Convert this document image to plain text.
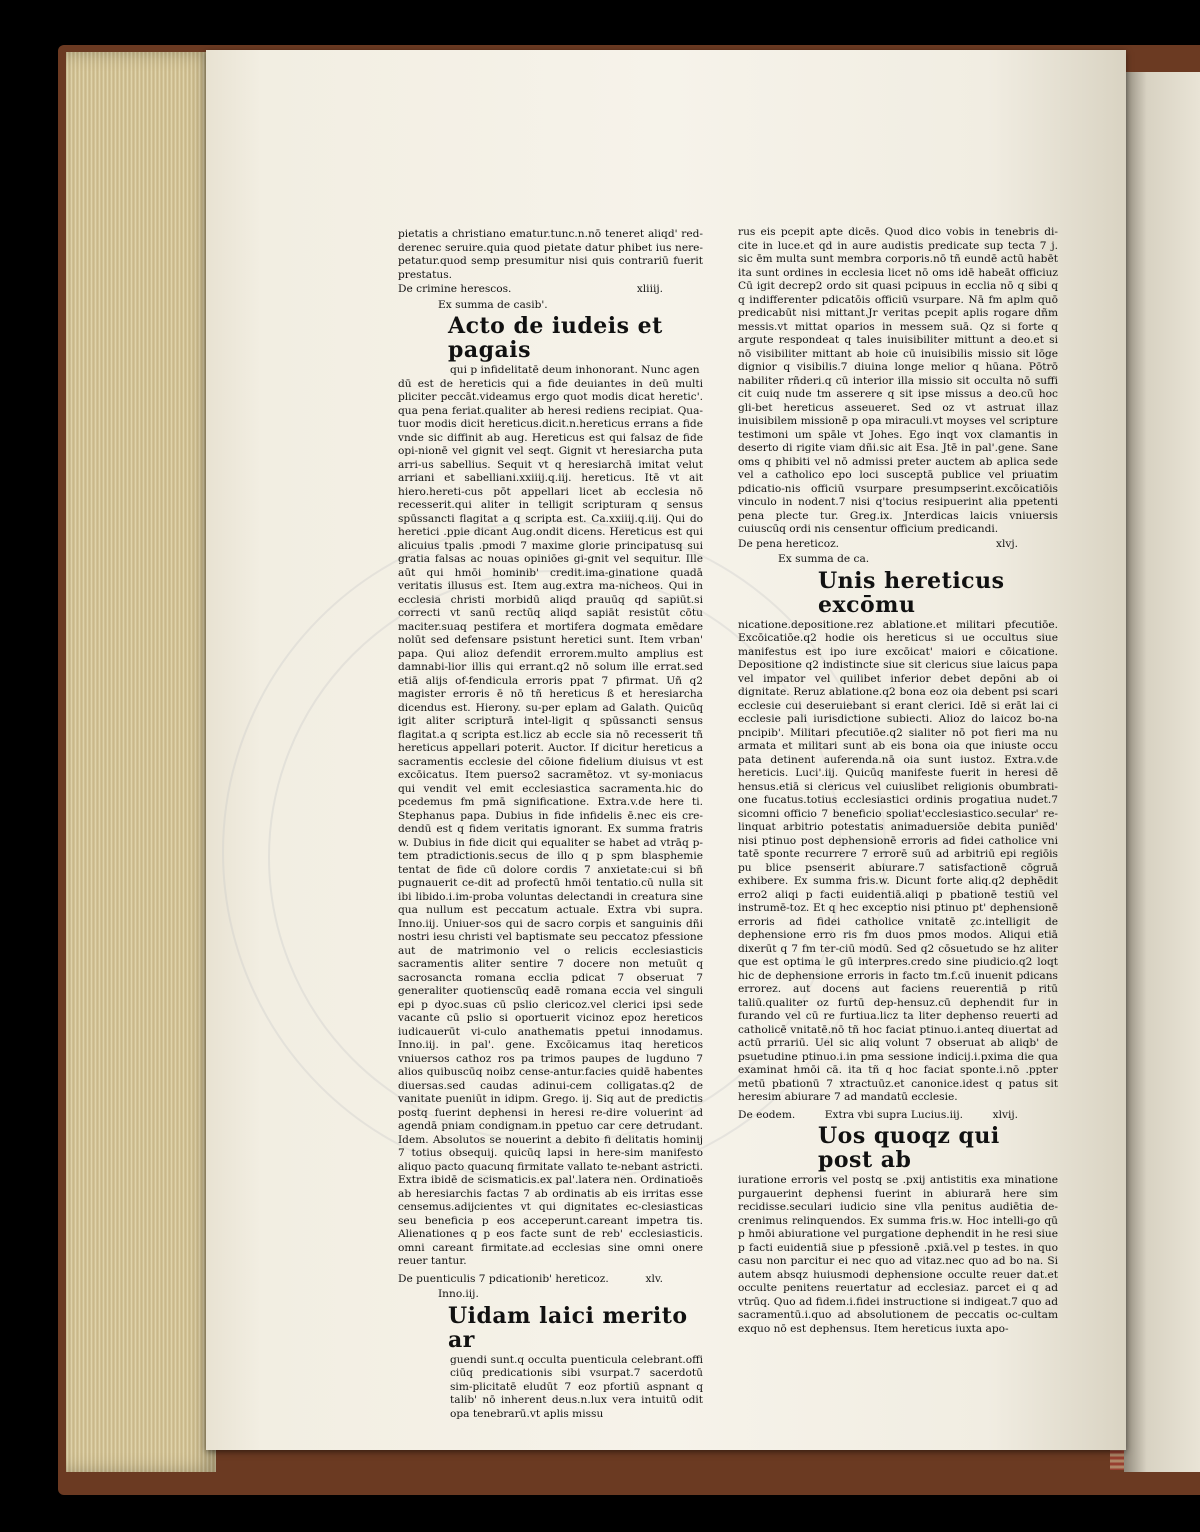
pietatis a christiano ematur.tunc.n.nō teneret aliqd' red-derenec seruire.quia quod pietate datur phibet ius nere-petatur.quod semp presumitur nisi quis contrariū fuerit prestatus.

De crimine herescos.	xliiij.
Ex summa de casib'.
Acto de iudeis et pagais
qui p infidelitatē deum inhonorant. Nunc agen

dū est de hereticis qui a fide deuiantes in deū multi pliciter peccāt.videamus ergo quot modis dicat heretic'. qua pena feriat.qualiter ab heresi rediens recipiat. Qua-tuor modis dicit hereticus.dicit.n.hereticus errans a fide vnde sic diffinit ab aug. Hereticus est qui falsaz de fide opi-nionē vel gignit vel seqt. Gignit vt heresiarcha puta arri-us sabellius. Sequit vt q heresiarchā imitat velut arriani et sabelliani.xxiiij.q.iij. hereticus. Itē vt ait hiero.hereti-cus pōt appellari licet ab ecclesia nō recesserit.qui aliter in telligit scripturam q sensus spūssancti flagitat a q scripta est. Ca.xxiiij.q.iij. Qui do heretici .ppie dicant Aug.ondit dicens. Hereticus est qui alicuius tpalis .pmodi 7 maxime glorie principatusq sui gratia falsas ac nouas opiniōes gi-gnit vel sequitur. Ille aūt qui hmōi hominib' credit.ima-ginatione quadā veritatis illusus est. Item aug.extra ma-nicheos. Qui in ecclesia christi morbidū aliqd prauūq qd sapiūt.si correcti vt sanū rectūq aliqd sapiāt resistūt cōtu maciter.suaq pestifera et mortifera dogmata emēdare nolūt sed defensare psistunt heretici sunt. Item vrban' papa. Qui alioz defendit errorem.multo amplius est damnabi-lior illis qui errant.q2 nō solum ille errat.sed etiā alijs of-fendicula erroris ppat 7 pfirmat. Uñ q2 magister erroris ē nō tñ hereticus ß et heresiarcha dicendus est. Hierony. su-per eplam ad Galath. Quicūq igit aliter scripturā intel-ligit q spūssancti sensus flagitat.a q scripta est.licz ab eccle sia nō recesserit tñ hereticus appellari poterit. Auctor. If dicitur hereticus a sacramentis ecclesie del cōione fidelium diuisus vt est excōicatus. Item puerso2 sacramētoz. vt sy-moniacus qui vendit vel emit ecclesiastica sacramenta.hic do pcedemus fm pmā significatione. Extra.v.de here ti. Stephanus papa. Dubius in fide infidelis ē.nec eis cre-dendū est q fidem veritatis ignorant. Ex summa fratris w. Dubius in fide dicit qui equaliter se habet ad vtrāq p-tem ptradictionis.secus de illo q p spm blasphemie tentat de fide cū dolore cordis 7 anxietate:cui si bñ pugnauerit ce-dit ad profectū hmōi tentatio.cū nulla sit ibi libido.i.im-proba voluntas delectandi in creatura sine qua nullum est peccatum actuale. Extra vbi supra. Inno.iij. Uniuer-sos qui de sacro corpis et sanguinis dñi nostri iesu christi vel baptismate seu peccatoz pfessione aut de matrimonio vel o relicis ecclesiasticis sacramentis aliter sentire 7 docere non metuūt q sacrosancta romana ecclia pdicat 7 obseruat 7 generaliter quotienscūq eadē romana eccia vel singuli epi p dyoc.suas cū pslio clericoz.vel clerici ipsi sede vacante cū pslio si oportuerit vicinoz epoz hereticos iudicauerūt vi-culo anathematis ppetui innodamus. Inno.iij. in pal'. gene. Excōicamus itaq hereticos vniuersos cathoz ros pa trimos paupes de lugduno 7 alios quibuscūq noibz cense-antur.facies quidē habentes diuersas.sed caudas adinui-cem colligatas.q2 de vanitate pueniūt in idipm. Grego. ij. Siq aut de predictis postq fuerint dephensi in heresi re-dire voluerint ad agendā pniam condignam.in ppetuo car cere detrudant. Idem. Absolutos se nouerint a debito fi delitatis hominij 7 totius obsequij. quicūq lapsi in here-sim manifesto aliquo pacto quacunq firmitate vallato te-nebant astricti. Extra ibidē de scismaticis.ex pal'.latera nen. Ordinatioēs ab heresiarchis factas 7 ab ordinatis ab eis irritas esse censemus.adijcientes vt qui dignitates ec-clesiasticas seu beneficia p eos acceperunt.careant impetra tis. Alienationes q p eos facte sunt de reb' ecclesiasticis. omni careant firmitate.ad ecclesias sine omni onere reuer tantur.

De puenticulis 7 pdicationib' hereticoz.	xlv.
Inno.iij.
Uidam laici merito ar

guendi sunt.q occulta puenticula celebrant.offi ciūq predicationis sibi vsurpat.7 sacerdotū sim-plicitatē eludūt 7 eoz pfortiū aspnant q talib' nō inherent deus.n.lux vera intuitū odit opa tenebrarū.vt aplis missu

rus eis pcepit apte dicēs. Quod dico vobis in tenebris di-cite in luce.et qd in aure audistis predicate sup tecta 7 j. sic ēm multa sunt membra corporis.nō tñ eundē actū habēt ita sunt ordines in ecclesia licet nō oms idē habeāt officiuz Cū igit decrep2 ordo sit quasi pcipuus in ecclia nō q sibi q q indifferenter pdicatōis officiū vsurpare. Nā fm aplm quō predicabūt nisi mittant.Jr veritas pcepit aplis rogare dñm messis.vt mittat oparios in messem suā. Qz si forte q argute respondeat q tales inuisibiliter mittunt a deo.et si nō visibiliter mittant ab hoie cū inuisibilis missio sit lōge dignior q visibilis.7 diuina longe melior q hūana. Pōtrō nabiliter rñderi.q cū interior illa missio sit occulta nō suffi cit cuiq nude tm asserere q sit ipse missus a deo.cū hoc gli-bet hereticus asseueret. Sed oz vt astruat illaz inuisibilem missionē p opa miraculi.vt moyses vel scripture testimoni um spāle vt Johes. Ego inqt vox clamantis in deserto di rigite viam dñi.sic ait Esa. Jtē in pal'.gene. Sane oms q phibiti vel nō admissi preter auctem ab aplica sede vel a catholico epo loci susceptā publice vel priuatim pdicatio-nis officiū vsurpare presumpserint.excōicatiōis vinculo in nodent.7 nisi q'tocius resipuerint alia ppetenti pena plecte tur. Greg.ix. Jnterdicas laicis vniuersis cuiuscūq ordi nis censentur officium predicandi.

De pena hereticoz.	xlvj.
Ex summa de ca.
Unis hereticus excōmu

nicatione.depositione.rez ablatione.et militari pfecutiōe. Excōicatiōe.q2 hodie ois hereticus si ue occultus siue manifestus est ipo iure excōicat' maiori e cōicatione. Depositione q2 indistincte siue sit clericus siue laicus papa vel impator vel quilibet inferior debet depōni ab oi dignitate. Reruz ablatione.q2 bona eoz oia debent psi scari ecclesie cui deseruiebant si erant clerici. Idē si erāt lai ci ecclesie pali iurisdictione subiecti. Alioz do laicoz bo-na pncipib'. Militari pfecutiōe.q2 sialiter nō pot fieri ma nu armata et militari sunt ab eis bona oia que iniuste occu pata detinent auferenda.nā oia sunt iustoz. Extra.v.de hereticis. Luci'.iij. Quicūq manifeste fuerit in heresi dē hensus.etiā si clericus vel cuiuslibet religionis obumbrati-one fucatus.totius ecclesiastici ordinis progatiua nudet.7 sicomni officio 7 beneficio spoliat'ecclesiastico.secular' re-linquat arbitrio potestatis animaduersiōe debita puniēd' nisi ptinuo post dephensionē erroris ad fidei catholice vni tatē sponte recurrere 7 errorē suū ad arbitriū epi regiōis pu blice psenserit abiurare.7 satisfactionē cōgruā exhibere. Ex summa fris.w. Dicunt forte aliq.q2 dephēdit erro2 aliqi p facti euidentiā.aliqi p pbationē testiū vel instrumē-toz. Et q hec exceptio nisi ptinuo pt' dephensionē erroris ad fidei catholice vnitatē ẓc.intelligit de dephensione erro ris fm duos pmos modos. Aliqui etiā dixerūt q 7 fm ter-ciū modū. Sed q2 cōsuetudo se hz aliter que est optima le gū interpres.credo sine piudicio.q2 loqt hic de dephensione erroris in facto tm.f.cū inuenit pdicans errorez. aut docens aut faciens reuerentiā p ritū taliū.qualiter oz furtū dep-hensuz.cū dephendit fur in furando vel cū re furtiua.licz ta liter dephenso reuerti ad catholicē vnitatē.nō tñ hoc faciat ptinuo.i.anteq diuertat ad actū prrariū. Uel sic aliq volunt 7 obseruat ab aliqb' de psuetudine ptinuo.i.in pma sessione indicij.i.pxima die qua examinat hmōi cā. ita tñ q hoc faciat sponte.i.nō .ppter metū pbationū 7 xtractuūz.et canonice.idest q patus sit heresim abiurare 7 ad mandatū ecclesie.

De eodem.	Extra vbi supra Lucius.iij.	xlvij.
Uos quoqz qui post ab

iuratione erroris vel postq se .pxij antistitis exa minatione purgauerint dephensi fuerint in abiurarā here sim recidisse.seculari iudicio sine vlla penitus audiētia de-crenimus relinquendos. Ex summa fris.w. Hoc intelli-go qū p hmōi abiuratione vel purgatione dephendit in he resi siue p facti euidentiā siue p pfessionē .pxiā.vel p testes. in quo casu non parcitur ei nec quo ad vitaz.nec quo ad bo na. Si autem absqz huiusmodi dephensione occulte reuer dat.et occulte penitens reuertatur ad ecclesiaz. parcet ei q ad vtrūq. Quo ad fidem.i.fidei instructione si indigeat.7 quo ad sacramentū.i.quo ad absolutionem de peccatis oc-cultam exquo nō est dephensus. Item hereticus iuxta apo-
